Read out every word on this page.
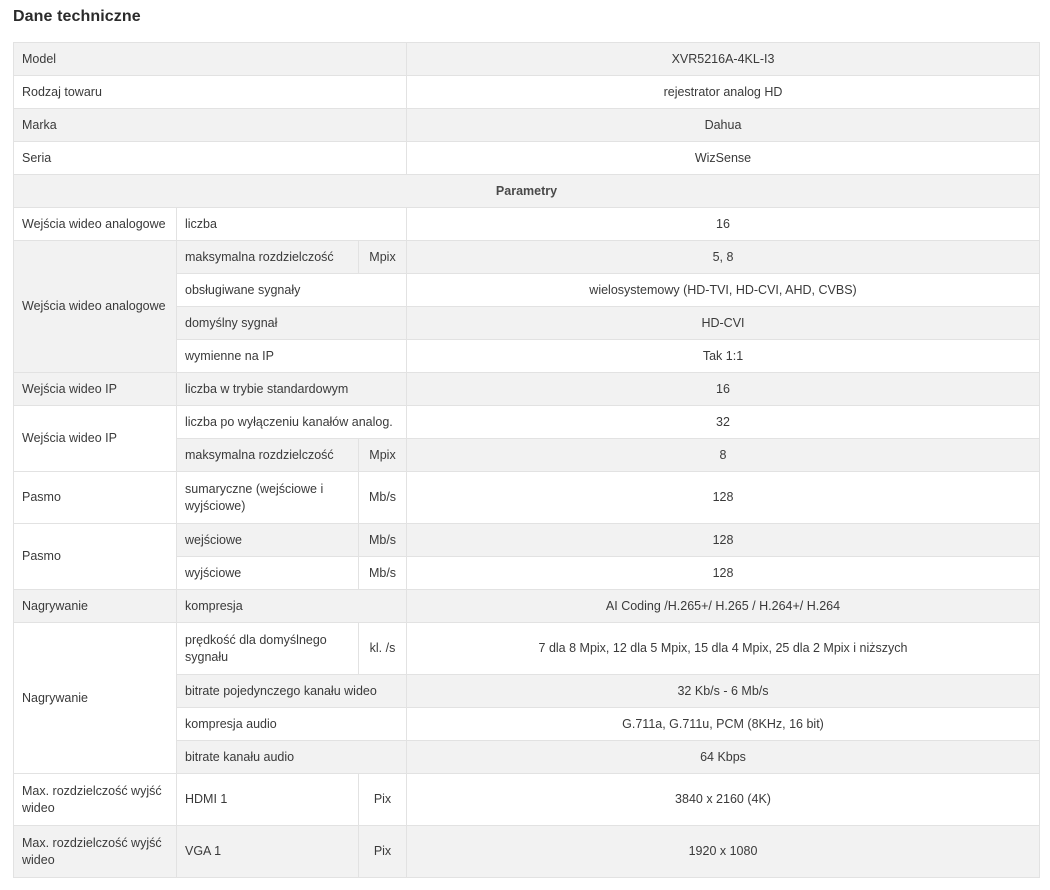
Dane techniczne
Model			XVR5216A-4KL-I3
Rodzaj towaru			rejestrator analog HD
Marka			Dahua
Seria			WizSense
Parametry			
Wejścia wideo analogowe	liczba		16
Wejścia wideo analogowe	maksymalna rozdzielczość	Mpix	5, 8
	obsługiwane sygnały		wielosystemowy (HD-TVI, HD-CVI, AHD, CVBS)
	domyślny sygnał		HD-CVI
	wymienne na IP		Tak 1:1
Wejścia wideo IP	liczba w trybie standardowym		16
Wejścia wideo IP	liczba po wyłączeniu kanałów analog.		32
	maksymalna rozdzielczość	Mpix	8
Pasmo	sumaryczne (wejściowe i wyjściowe)	Mb/s	128
Pasmo	wejściowe	Mb/s	128
	wyjściowe	Mb/s	128
Nagrywanie	kompresja		AI Coding /H.265+/ H.265 / H.264+/ H.264
Nagrywanie	prędkość dla domyślnego sygnału	kl. /s	7 dla 8 Mpix, 12 dla 5 Mpix, 15 dla 4 Mpix, 25 dla 2 Mpix i niższych
	bitrate pojedynczego kanału wideo		32 Kb/s - 6 Mb/s
	kompresja audio		G.711a, G.711u, PCM (8KHz, 16 bit)
	bitrate kanału audio		64 Kbps
Max. rozdzielczość wyjść wideo	HDMI 1	Pix	3840 x 2160 (4K)
Max. rozdzielczość wyjść wideo	VGA 1	Pix	1920 x 1080
